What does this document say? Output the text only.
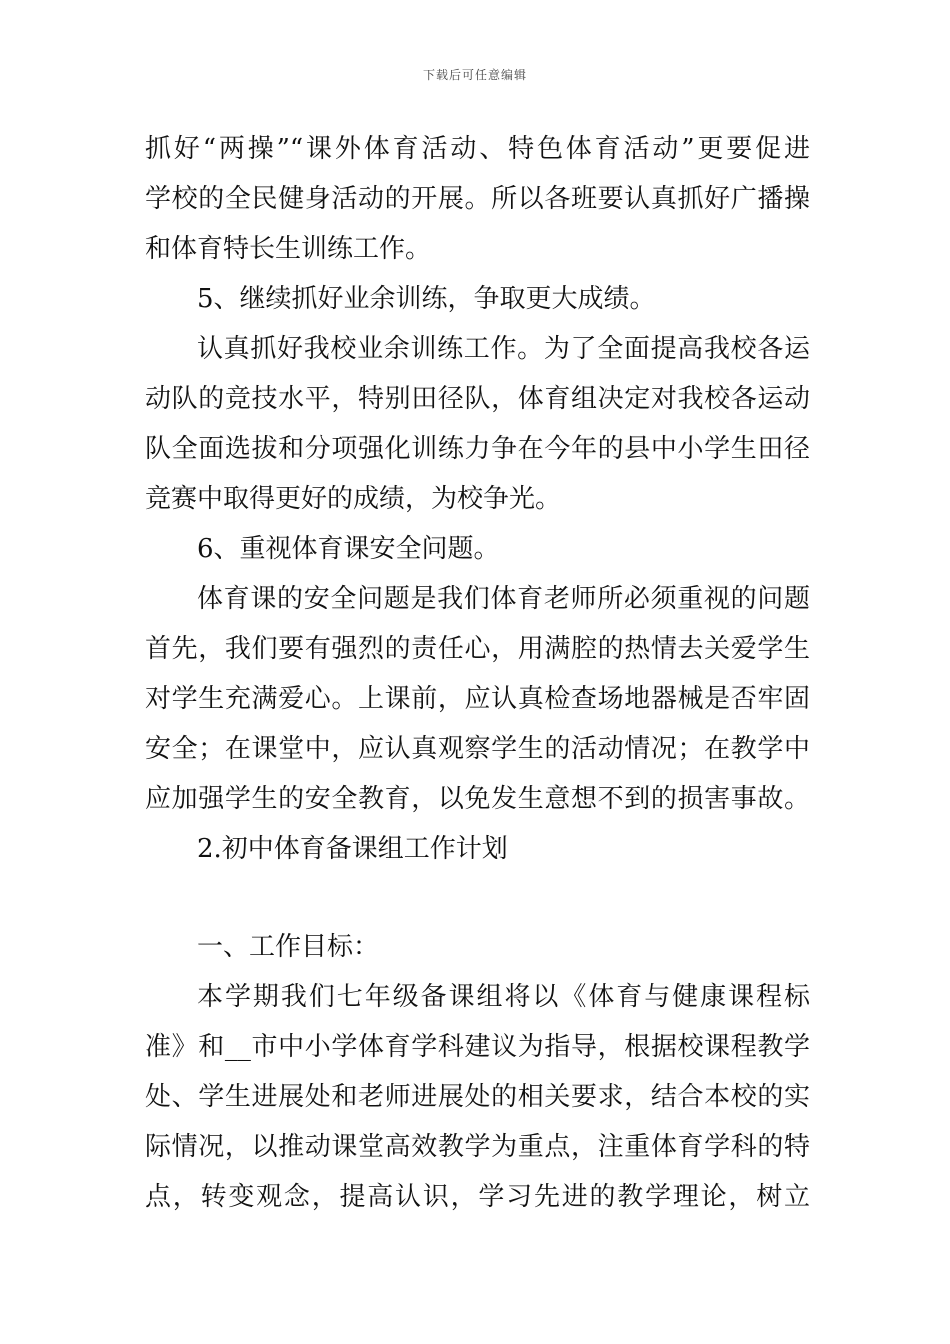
下载后可任意编辑
抓好“两操”“课外体育活动、特色体育活动”更要促进
学校的全民健身活动的开展。所以各班要认真抓好广播操
和体育特长生训练工作。
5、继续抓好业余训练，争取更大成绩。
认真抓好我校业余训练工作。为了全面提高我校各运
动队的竞技水平，特别田径队，体育组决定对我校各运动
队全面选拔和分项强化训练力争在今年的县中小学生田径
竞赛中取得更好的成绩，为校争光。
6、重视体育课安全问题。
体育课的安全问题是我们体育老师所必须重视的问题
首先，我们要有强烈的责任心，用满腔的热情去关爱学生
对学生充满爱心。上课前，应认真检查场地器械是否牢固
安全；在课堂中，应认真观察学生的活动情况；在教学中
应加强学生的安全教育，以免发生意想不到的损害事故。
2.初中体育备课组工作计划
一、工作目标：
本学期我们七年级备课组将以《体育与健康课程标
准》和__市中小学体育学科建议为指导，根据校课程教学
处、学生进展处和老师进展处的相关要求，结合本校的实
际情况，以推动课堂高效教学为重点，注重体育学科的特
点，转变观念，提高认识，学习先进的教学理论，树立
